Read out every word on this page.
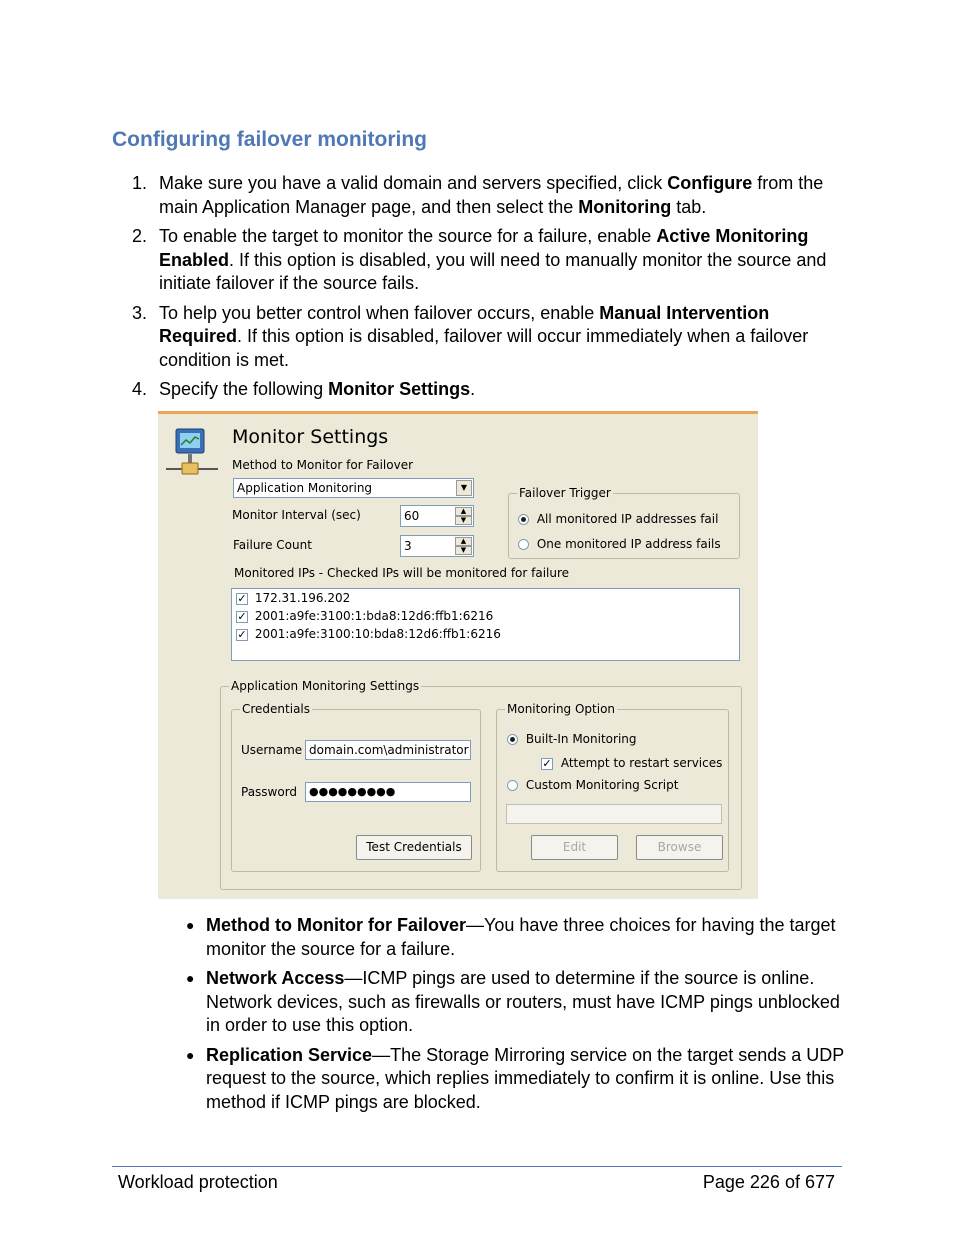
Configuring failover monitoring
1. Make sure you have a valid domain and servers specified, click Configure from the main Application Manager page, and then select the Monitoring tab.
2. To enable the target to monitor the source for a failure, enable Active Monitoring Enabled. If this option is disabled, you will need to manually monitor the source and initiate failover if the source fails.
3. To help you better control when failover occurs, enable Manual Intervention Required. If this option is disabled, failover will occur immediately when a failover condition is met.
4. Specify the following Monitor Settings.
Monitor Settings
Method to Monitor for Failover
Application Monitoring	▼
Monitor Interval (sec)	60	▲
▼
Failure Count	3	▲
▼
Failover Trigger
All monitored IP addresses fail
One monitored IP address fails
Monitored IPs - Checked IPs will be monitored for failure
✓ 172.31.196.202
✓ 2001:a9fe:3100:1:bda8:12d6:ffb1:6216
✓ 2001:a9fe:3100:10:bda8:12d6:ffb1:6216
Application Monitoring Settings
Credentials
Username domain.com\administrator
Password	●●●●●●●●●
Test Credentials
Monitoring Option
Built-In Monitoring
✓ Attempt to restart services
Custom Monitoring Script
Edit	Browse
● Method to Monitor for Failover—You have three choices for having the target monitor the source for a failure.
● Network Access—ICMP pings are used to determine if the source is online. Network devices, such as firewalls or routers, must have ICMP pings unblocked in order to use this option.
● Replication Service—The Storage Mirroring service on the target sends a UDP request to the source, which replies immediately to confirm it is online. Use this method if ICMP pings are blocked.
Workload protection	Page 226 of 677
